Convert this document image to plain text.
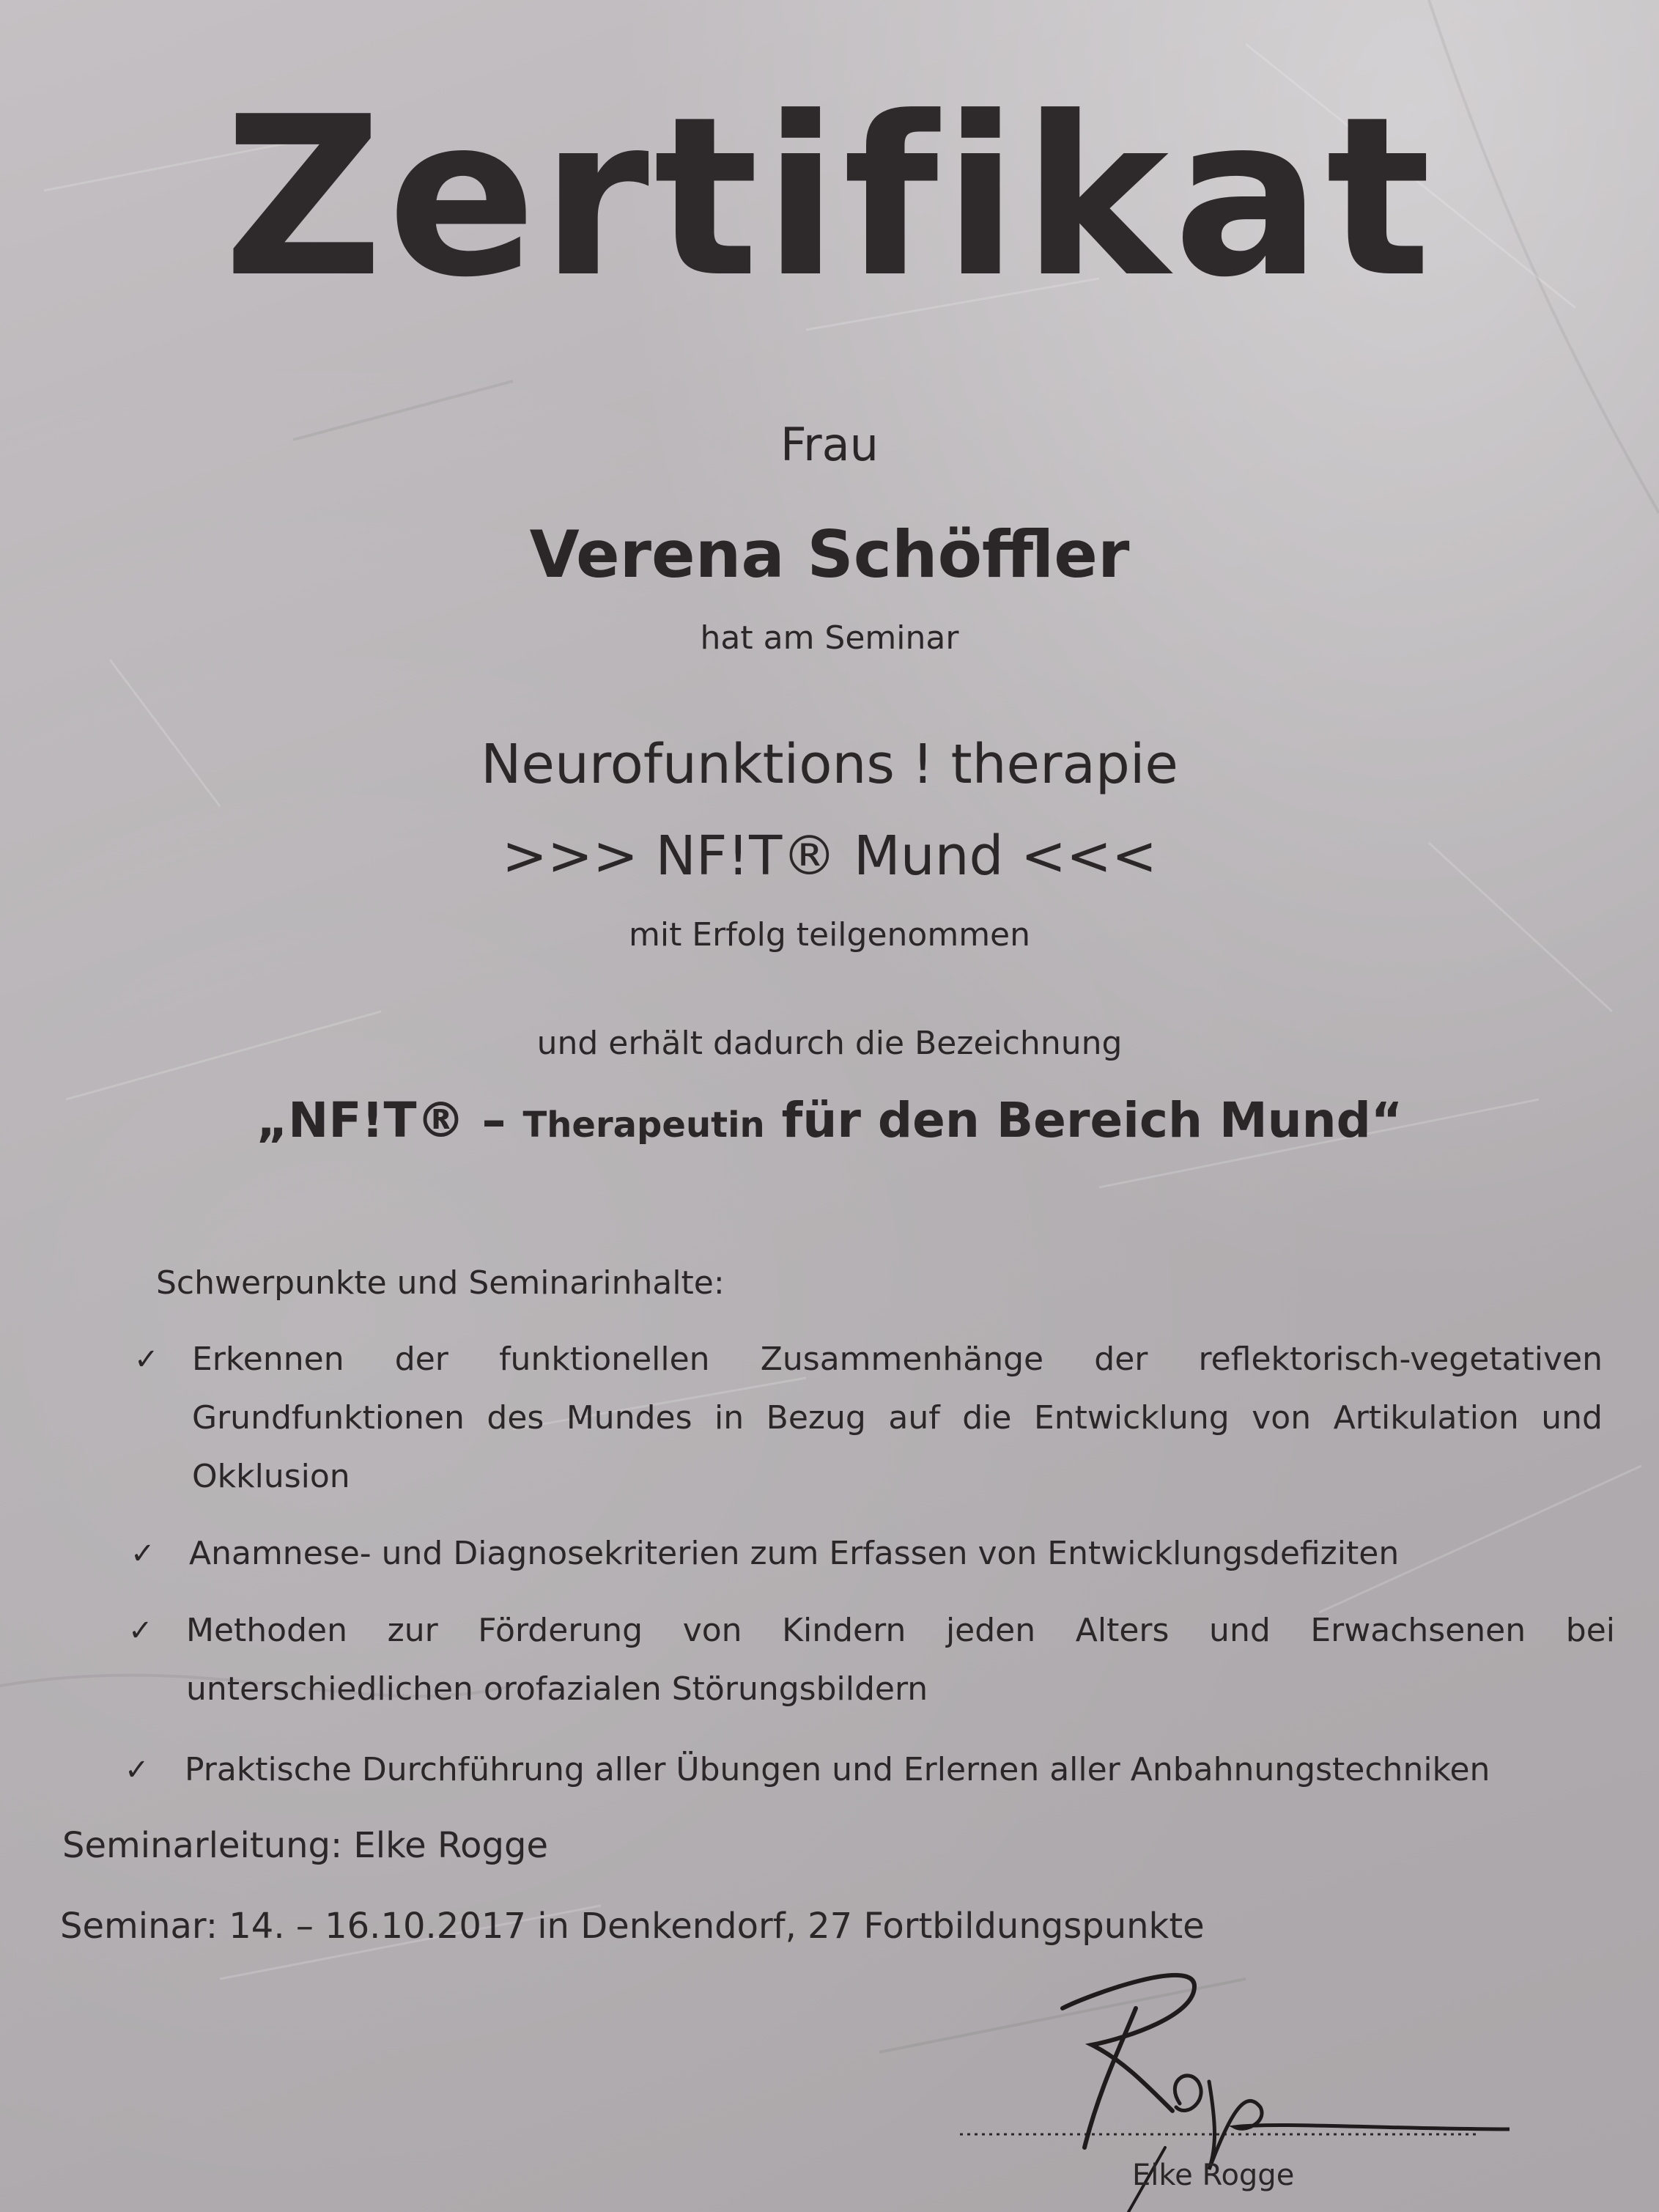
Zertifikat

Frau

Verena Schöffler

hat am Seminar

Neurofunktions ! therapie

>>> NF!T® Mund <<<

mit Erfolg teilgenommen

und erhält dadurch die Bezeichnung

„NF!T® – Therapeutin für den Bereich Mund“

Schwerpunkte und Seminarinhalte:

✓ Erkennen der funktionellen Zusammenhänge der reflektorisch-vegetativen Grundfunktionen des Mundes in Bezug auf die Entwicklung von Artikulation und Okklusion
✓ Anamnese- und Diagnosekriterien zum Erfassen von Entwicklungsdefiziten
✓ Methoden zur Förderung von Kindern jeden Alters und Erwachsenen bei unterschiedlichen orofazialen Störungsbildern
✓ Praktische Durchführung aller Übungen und Erlernen aller Anbahnungstechniken

Seminarleitung: Elke Rogge

Seminar: 14. – 16.10.2017 in Denkendorf, 27 Fortbildungspunkte

Elke Rogge
